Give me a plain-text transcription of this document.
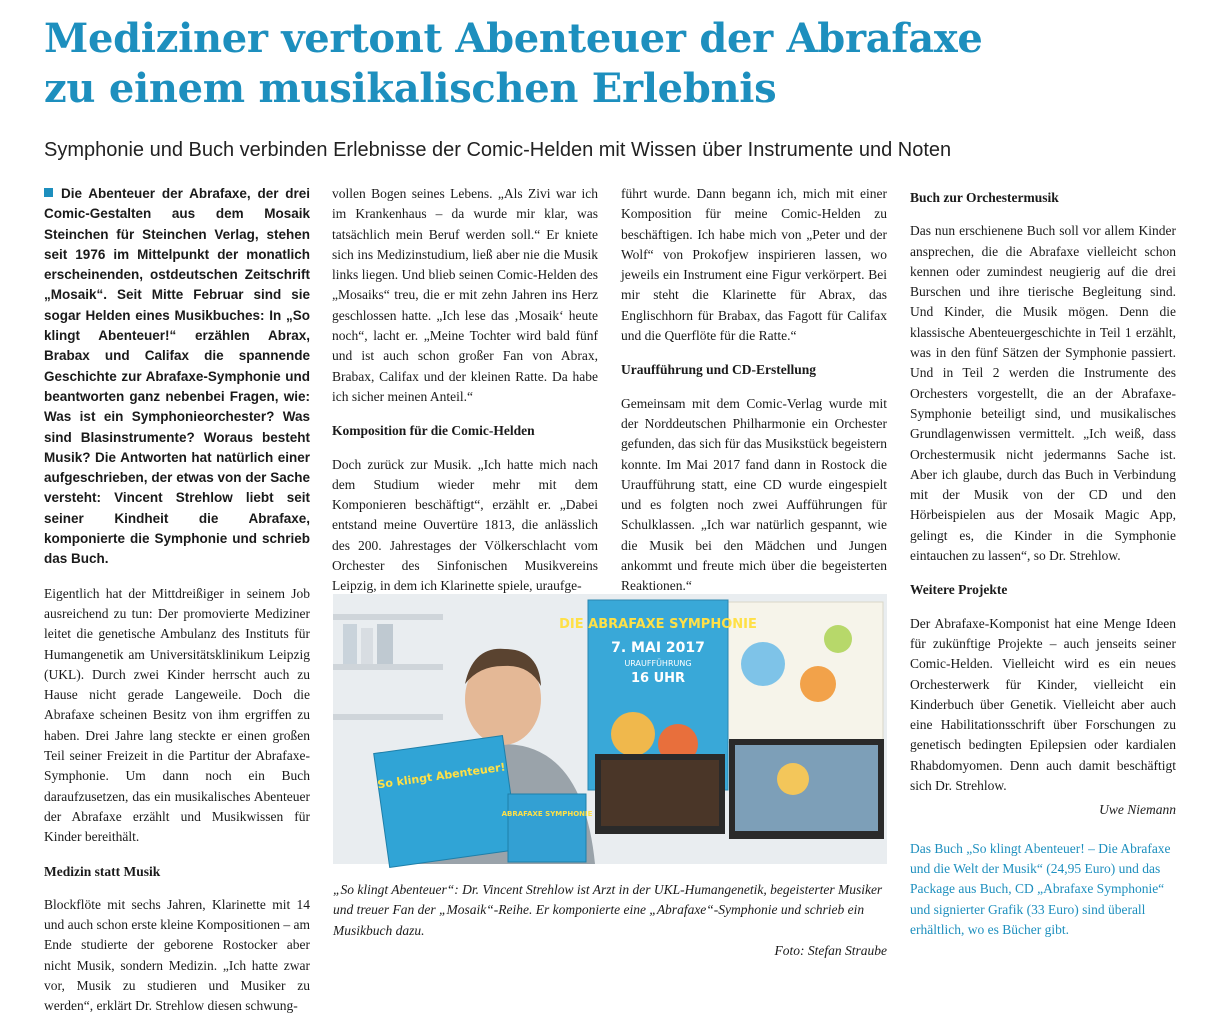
Mediziner vertont Abenteuer der Abrafaxe
zu einem musikalischen Erlebnis
Symphonie und Buch verbinden Erlebnisse der Comic-Helden mit Wissen über Instrumente und Noten

Die Abenteuer der Abrafaxe, der drei Comic-Gestalten aus dem Mosaik Steinchen für Steinchen Verlag, stehen seit 1976 im Mittelpunkt der monatlich erscheinenden, ostdeutschen Zeitschrift „Mosaik“. Seit Mitte Februar sind sie sogar Helden eines Musikbuches: In „So klingt Abenteuer!“ erzählen Abrax, Brabax und Califax die spannende Geschichte zur Abrafaxe-Symphonie und beantworten ganz nebenbei Fragen, wie: Was ist ein Symphonieorchester? Was sind Blasinstrumente? Woraus besteht Musik? Die Antworten hat natürlich einer aufgeschrieben, der etwas von der Sache versteht: Vincent Strehlow liebt seit seiner Kindheit die Abrafaxe, komponierte die Symphonie und schrieb das Buch.

Eigentlich hat der Mittdreißiger in seinem Job ausreichend zu tun: Der promovierte Mediziner leitet die genetische Ambulanz des Instituts für Humangenetik am Universitätsklinikum Leipzig (UKL). Durch zwei Kinder herrscht auch zu Hause nicht gerade Langeweile. Doch die Abrafaxe scheinen Besitz von ihm ergriffen zu haben. Drei Jahre lang steckte er einen großen Teil seiner Freizeit in die Partitur der Abrafaxe-Symphonie. Um dann noch ein Buch daraufzusetzen, das ein musikalisches Abenteuer der Abrafaxe erzählt und Musikwissen für Kinder bereithält.

Medizin statt Musik

Blockflöte mit sechs Jahren, Klarinette mit 14 und auch schon erste kleine Kompositionen – am Ende studierte der geborene Rostocker aber nicht Musik, sondern Medizin. „Ich hatte zwar vor, Musik zu studieren und Musiker zu werden“, erklärt Dr. Strehlow diesen schwung-

vollen Bogen seines Lebens. „Als Zivi war ich im Krankenhaus – da wurde mir klar, was tatsächlich mein Beruf werden soll.“ Er kniete sich ins Medizinstudium, ließ aber nie die Musik links liegen. Und blieb seinen Comic-Helden des „Mosaiks“ treu, die er mit zehn Jahren ins Herz geschlossen hatte. „Ich lese das ‚Mosaik‘ heute noch“, lacht er. „Meine Tochter wird bald fünf und ist auch schon großer Fan von Abrax, Brabax, Califax und der kleinen Ratte. Da habe ich sicher meinen Anteil.“

Komposition für die Comic-Helden

Doch zurück zur Musik. „Ich hatte mich nach dem Studium wieder mehr mit dem Komponieren beschäftigt“, erzählt er. „Dabei entstand meine Ouvertüre 1813, die anlässlich des 200. Jahrestages der Völkerschlacht vom Orchester des Sinfonischen Musikvereins Leipzig, in dem ich Klarinette spiele, uraufge-

führt wurde. Dann begann ich, mich mit einer Komposition für meine Comic-Helden zu beschäftigen. Ich habe mich von „Peter und der Wolf“ von Prokofjew inspirieren lassen, wo jeweils ein Instrument eine Figur verkörpert. Bei mir steht die Klarinette für Abrax, das Englischhorn für Brabax, das Fagott für Califax und die Querflöte für die Ratte.“

Uraufführung und CD-Erstellung

Gemeinsam mit dem Comic-Verlag wurde mit der Norddeutschen Philharmonie ein Orchester gefunden, das sich für das Musikstück begeistern konnte. Im Mai 2017 fand dann in Rostock die Uraufführung statt, eine CD wurde eingespielt und es folgten noch zwei Aufführungen für Schulklassen. „Ich war natürlich gespannt, wie die Musik bei den Mädchen und Jungen ankommt und freute mich über die begeisterten Reaktionen.“

Buch zur Orchestermusik

Das nun erschienene Buch soll vor allem Kinder ansprechen, die die Abrafaxe vielleicht schon kennen oder zumindest neugierig auf die drei Burschen und ihre tierische Begleitung sind. Und Kinder, die Musik mögen. Denn die klassische Abenteuergeschichte in Teil 1 erzählt, was in den fünf Sätzen der Symphonie passiert. Und in Teil 2 werden die Instrumente des Orchesters vorgestellt, die an der Abrafaxe-Symphonie beteiligt sind, und musikalisches Grundlagenwissen vermittelt. „Ich weiß, dass Orchestermusik nicht jedermanns Sache ist. Aber ich glaube, durch das Buch in Verbindung mit der Musik von der CD und den Hörbeispielen aus der Mosaik Magic App, gelingt es, die Kinder in die Symphonie eintauchen zu lassen“, so Dr. Strehlow.

Weitere Projekte

Der Abrafaxe-Komponist hat eine Menge Ideen für zukünftige Projekte – auch jenseits seiner Comic-Helden. Vielleicht wird es ein neues Orchesterwerk für Kinder, vielleicht ein Kinderbuch über Genetik. Vielleicht aber auch eine Habilitationsschrift über Forschungen zu genetisch bedingten Epilepsien oder kardialen Rhabdomyomen. Denn auch damit beschäftigt sich Dr. Strehlow.

Uwe Niemann

Das Buch „So klingt Abenteuer! – Die Abrafaxe und die Welt der Musik“ (24,95 Euro) und das Package aus Buch, CD „Abrafaxe Symphonie“ und signierter Grafik (33 Euro) sind überall erhältlich, wo es Bücher gibt.

DIE ABRAFAXE SYMPHONIE
7. MAI 2017
URAUFFÜHRUNG
16 UHR
So klingt Abenteuer!
ABRAFAXE SYMPHONIE

„So klingt Abenteuer“: Dr. Vincent Strehlow ist Arzt in der UKL-Humangenetik, begeisterter Musiker und treuer Fan der „Mosaik“-Reihe. Er komponierte eine „Abrafaxe“-Symphonie und schrieb ein Musikbuch dazu.

Foto: Stefan Straube
